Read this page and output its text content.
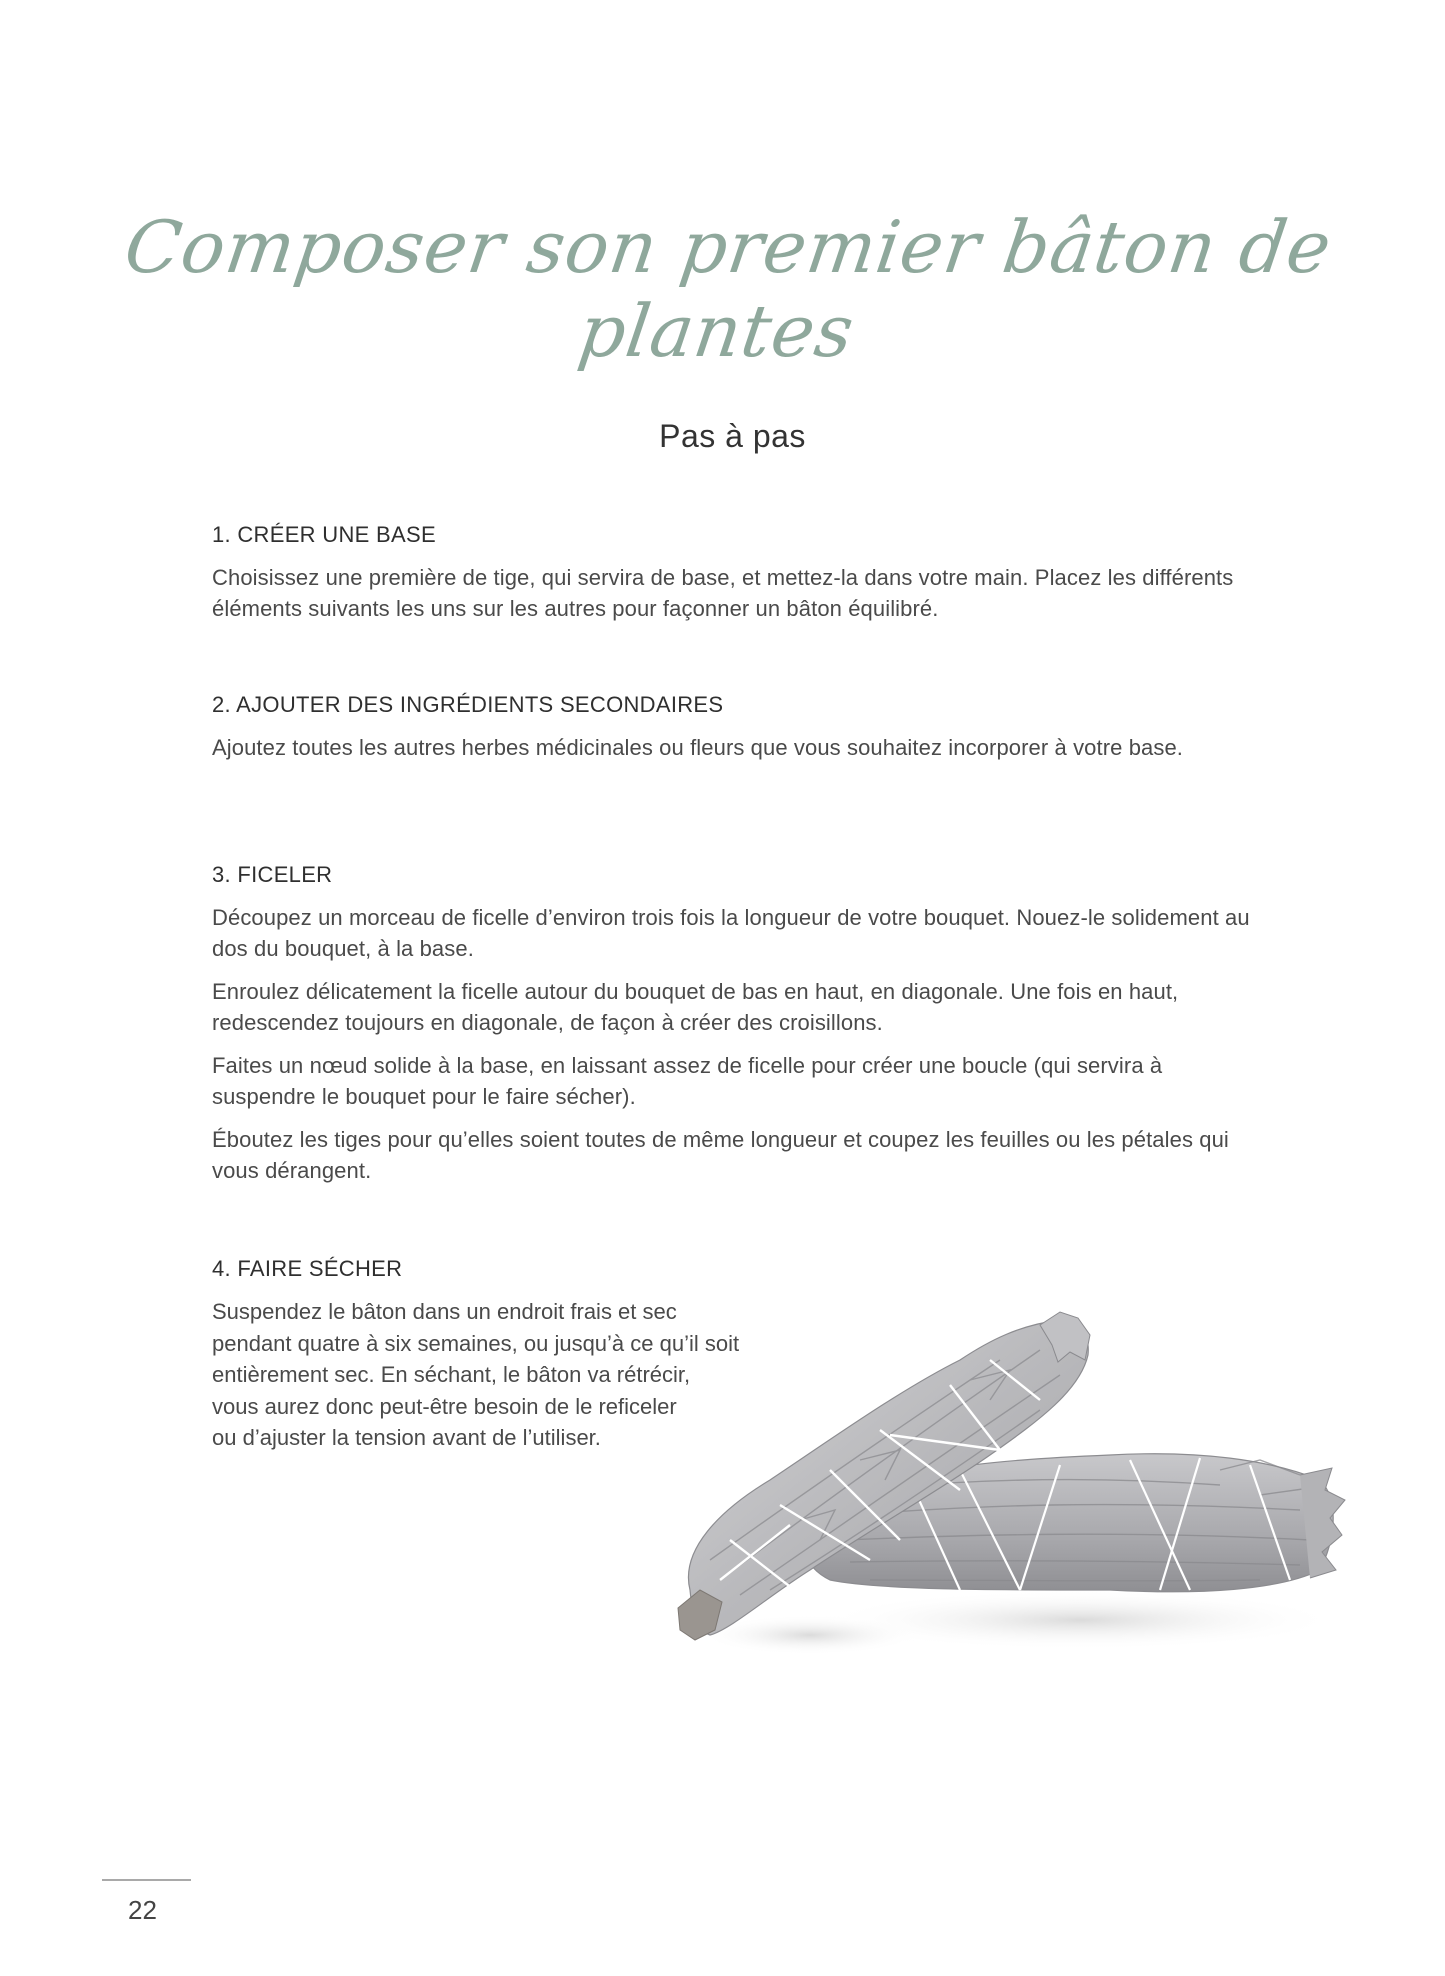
Composer son premier bâton de plantes
Pas à pas
1. CRÉER UNE BASE

Choisissez une première de tige, qui servira de base, et mettez-la dans votre main. Placez les différents éléments suivants les uns sur les autres pour façonner un bâton équilibré.

2. AJOUTER DES INGRÉDIENTS SECONDAIRES

Ajoutez toutes les autres herbes médicinales ou fleurs que vous souhaitez incorporer à votre base.

3. FICELER

Découpez un morceau de ficelle d’environ trois fois la longueur de votre bouquet. Nouez-le solidement au dos du bouquet, à la base.

Enroulez délicatement la ficelle autour du bouquet de bas en haut, en diagonale. Une fois en haut, redescendez toujours en diagonale, de façon à créer des croisillons.

Faites un nœud solide à la base, en laissant assez de ficelle pour créer une boucle (qui servira à suspendre le bouquet pour le faire sécher).

Éboutez les tiges pour qu’elles soient toutes de même longueur et coupez les feuilles ou les pétales qui vous dérangent.

4. FAIRE SÉCHER
Suspendez le bâton dans un endroit frais et sec
pendant quatre à six semaines, ou jusqu’à ce qu’il soit
entièrement sec. En séchant, le bâton va rétrécir,
vous aurez donc peut-être besoin de le reficeler
ou d’ajuster la tension avant de l’utiliser.
22
